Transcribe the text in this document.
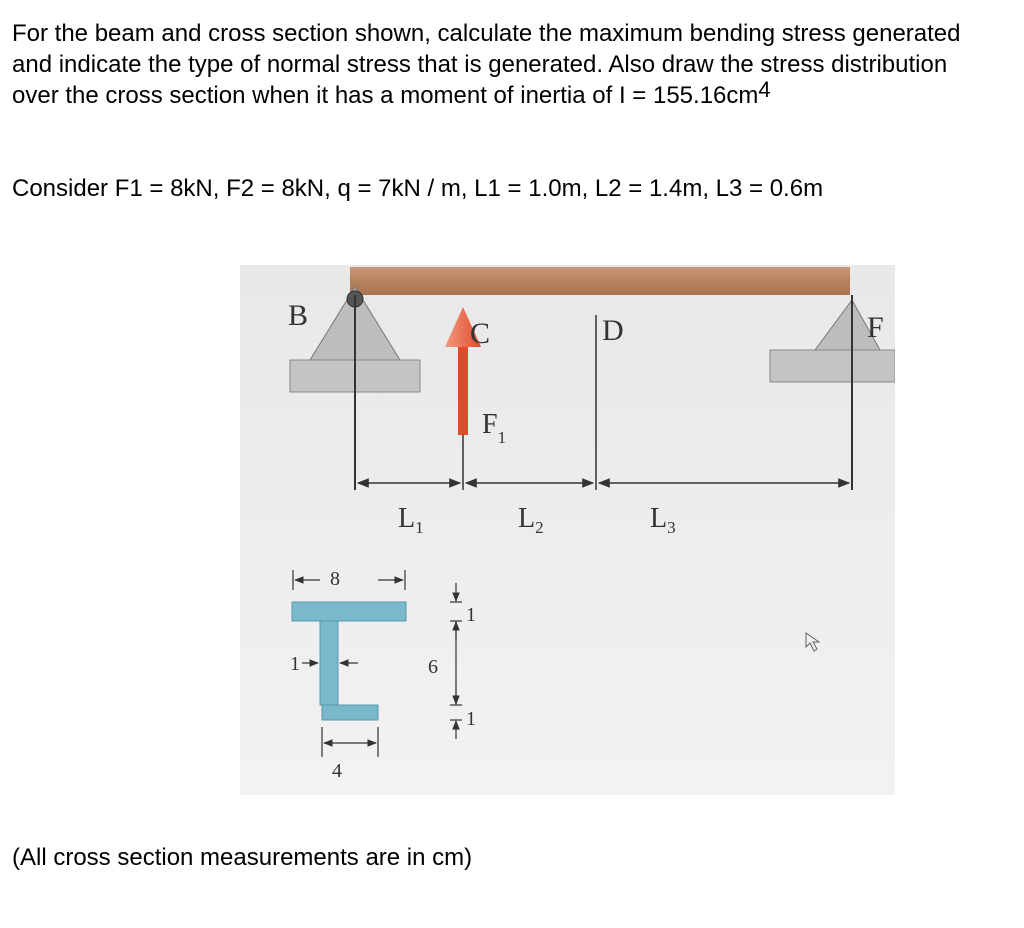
For the beam and cross section shown, calculate the maximum bending stress generated and indicate the type of normal stress that is generated. Also draw the stress distribution over the cross section when it has a moment of inertia of $I = 155.16cm^4$

Consider F1 = 8kN, F2 = 8kN, q = 7kN / m, L1 = 1.0m, L2 = 1.4m, L3 = 0.6m

B	F
C
$F_1$
D
$L_1$	$L_2$	$L_3$
8
1
4
1
6
1

(All cross section measurements are in cm)
